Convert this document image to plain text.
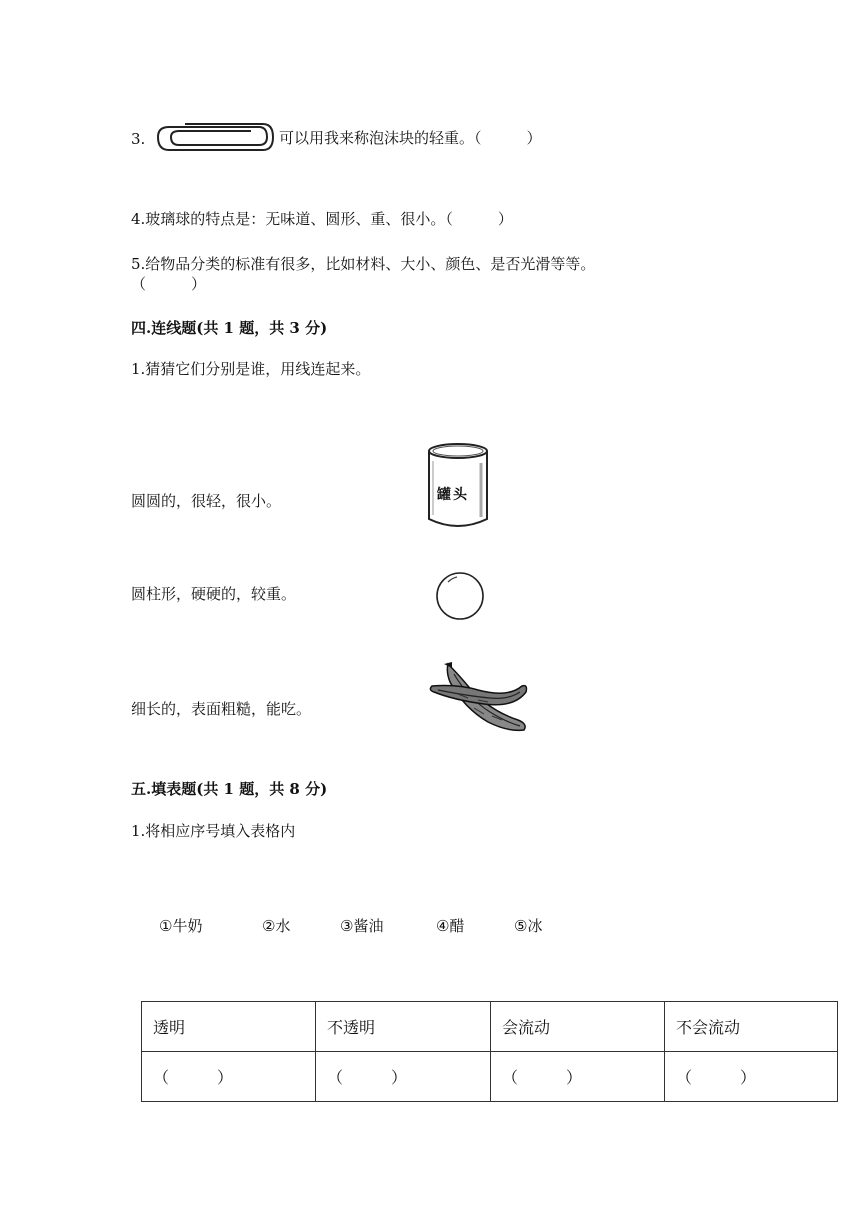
3.	可以用我来称泡沫块的轻重。（　　　）
4.玻璃球的特点是：无味道、圆形、重、很小。（　　　）
5.给物品分类的标准有很多，比如材料、大小、颜色、是否光滑等等。
（　　　）
四.连线题(共 1 题，共 3 分)
1.猜猜它们分别是谁，用线连起来。
圆圆的，很轻，很小。
圆柱形，硬硬的，较重。
细长的，表面粗糙，能吃。
罐头
五.填表题(共 1 题，共 8 分)
1.将相应序号填入表格内
①牛奶	②水	③酱油	④醋	⑤冰
透明	不透明	会流动	不会流动
（　　　）	（　　　）	（　　　）	（　　　）
